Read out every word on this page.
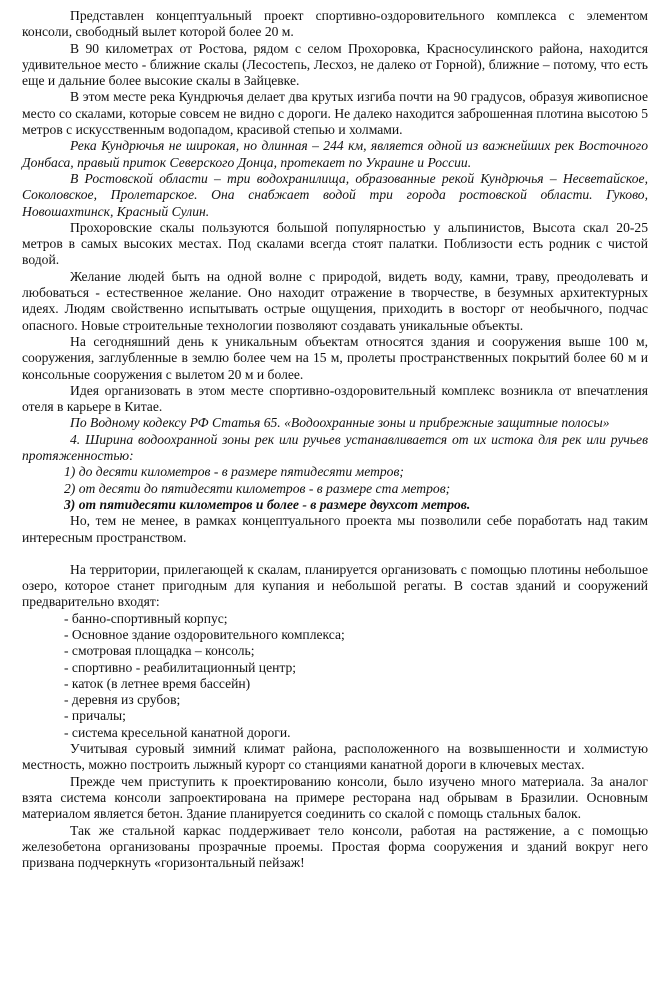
Представлен концептуальный проект спортивно-оздоровительного комплекса с элементом консоли, свободный вылет которой более 20 м.

В 90 километрах от Ростова, рядом с селом Прохоровка, Красносулинского района, находится удивительное место - ближние скалы (Лесостепь, Лесхоз, не далеко от Горной), ближние – потому, что есть еще и дальние более высокие скалы в Зайцевке.

В этом месте река Кундрючья делает два крутых изгиба почти на 90 градусов, образуя живописное место со скалами, которые совсем не видно с дороги. Не далеко находится заброшенная плотина высотою 5 метров с искусственным водопадом, красивой степью и холмами.

Река Кундрючья не широкая, но длинная – 244 км, является одной из важнейших рек Восточного Донбаса, правый приток Северского Донца, протекает по Украине и России.

В Ростовской области – три водохранилища, образованные рекой Кундрючья – Несветайское, Соколовское, Пролетарское. Она снабжает водой три города ростовской области. Гуково, Новошахтинск, Красный Сулин.

Прохоровские скалы пользуются большой популярностью у альпинистов, Высота скал 20-25 метров в самых высоких местах. Под скалами всегда стоят палатки. Поблизости есть родник с чистой водой.

Желание людей быть на одной волне с природой, видеть воду, камни, траву, преодолевать и любоваться - естественное желание. Оно находит отражение в творчестве, в безумных архитектурных идеях. Людям свойственно испытывать острые ощущения, приходить в восторг от необычного, подчас опасного. Новые строительные технологии позволяют создавать уникальные объекты.

На сегодняшний день к уникальным объектам относятся здания и сооружения выше 100 м, сооружения, заглубленные в землю более чем на 15 м, пролеты пространственных покрытий более 60 м и консольные сооружения с вылетом 20 м и более.

Идея организовать в этом месте спортивно-оздоровительный комплекс возникла от впечатления отеля в карьере в Китае.

По Водному кодексу РФ Статья 65. «Водоохранные зоны и прибрежные защитные полосы»

4. Ширина водоохранной зоны рек или ручьев устанавливается от их истока для рек или ручьев протяженностью:

1) до десяти километров - в размере пятидесяти метров;

2) от десяти до пятидесяти километров - в размере ста метров;

3) от пятидесяти километров и более - в размере двухсот метров.

Но, тем не менее, в рамках концептуального проекта мы позволили себе поработать над таким интересным пространством.

На территории, прилегающей к скалам, планируется организовать с помощью плотины небольшое озеро, которое станет пригодным для купания и небольшой регаты. В состав зданий и сооружений предварительно входят:

- банно-спортивный корпус;

- Основное здание оздоровительного комплекса;

- смотровая площадка – консоль;

- спортивно - реабилитационный центр;

- каток (в летнее время бассейн)

- деревня из срубов;

- причалы;

- система кресельной канатной дороги.

Учитывая суровый зимний климат района, расположенного на возвышенности и холмистую местность, можно построить лыжный курорт со станциями канатной дороги в ключевых местах.

Прежде чем приступить к проектированию консоли, было изучено много материала. За аналог взята система консоли запроектирована на примере ресторана над обрывам в Бразилии. Основным материалом является бетон. Здание планируется соединить со скалой с помощь стальных балок.

Так же стальной каркас поддерживает тело консоли, работая на растяжение, а с помощью железобетона организованы прозрачные проемы. Простая форма сооружения и зданий вокруг него призвана подчеркнуть «горизонтальный пейзаж!
